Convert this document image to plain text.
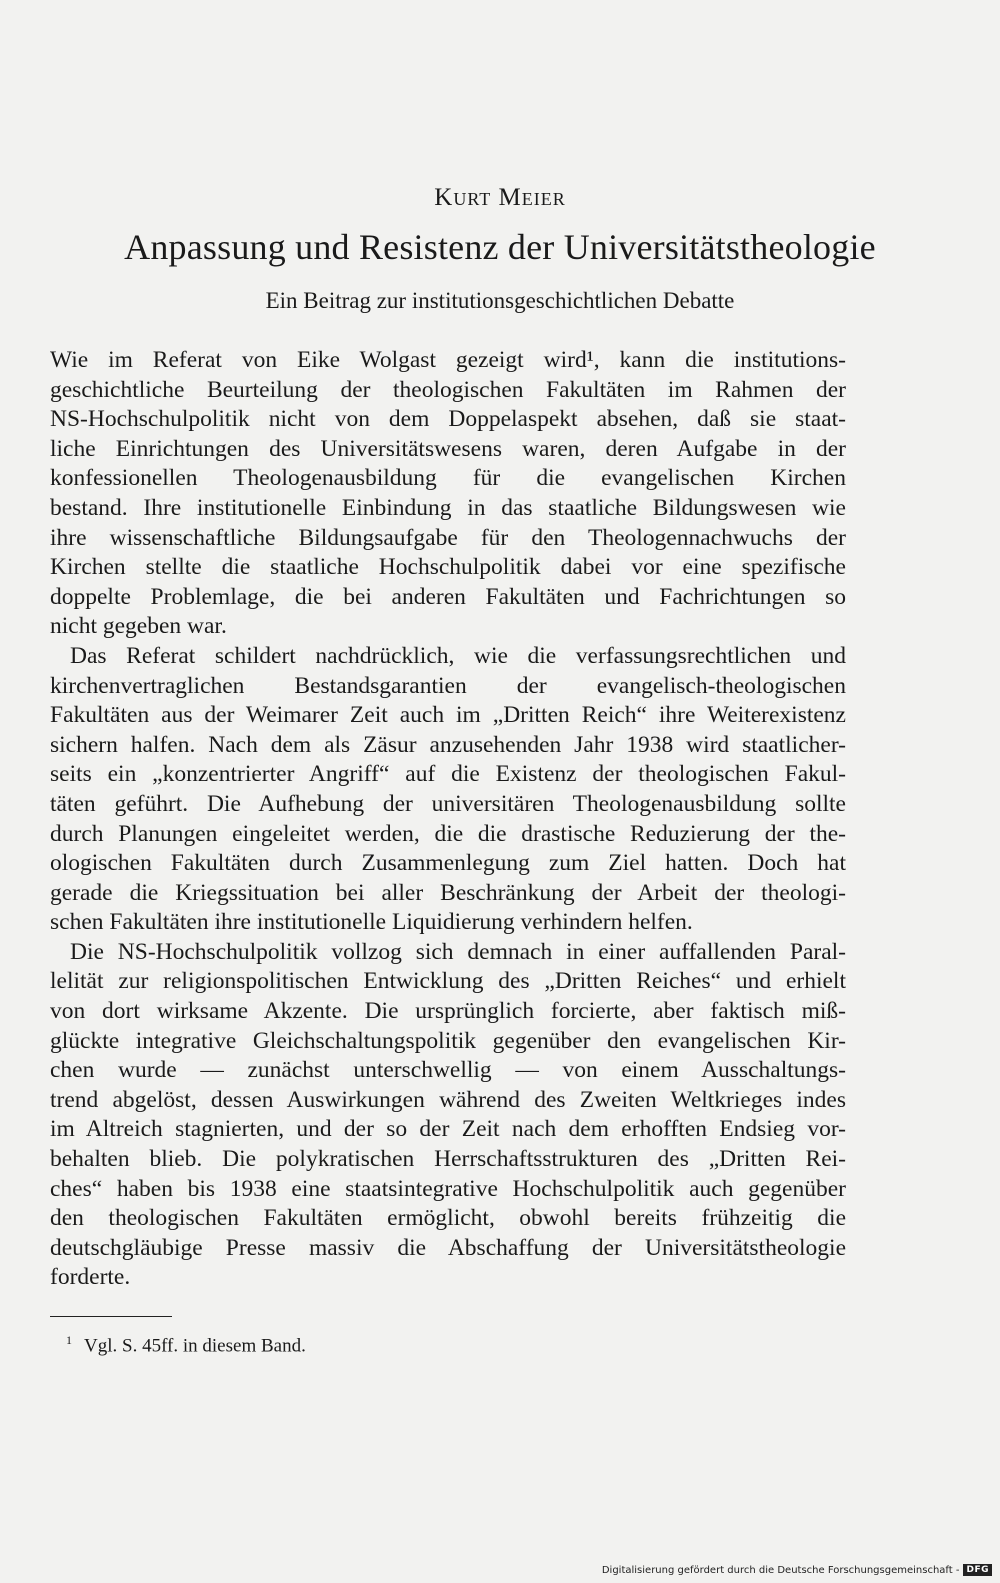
Kurt Meier
Anpassung und Resistenz der Universitätstheologie
Ein Beitrag zur institutionsgeschichtlichen Debatte
Wie im Referat von Eike Wolgast gezeigt wird¹, kann die institutions-
geschichtliche Beurteilung der theologischen Fakultäten im Rahmen der
NS-Hochschulpolitik nicht von dem Doppelaspekt absehen, daß sie staat-
liche Einrichtungen des Universitätswesens waren, deren Aufgabe in der
konfessionellen Theologenausbildung für die evangelischen Kirchen
bestand. Ihre institutionelle Einbindung in das staatliche Bildungswesen wie
ihre wissenschaftliche Bildungsaufgabe für den Theologennachwuchs der
Kirchen stellte die staatliche Hochschulpolitik dabei vor eine spezifische
doppelte Problemlage, die bei anderen Fakultäten und Fachrichtungen so
nicht gegeben war.
Das Referat schildert nachdrücklich, wie die verfassungsrechtlichen und
kirchenvertraglichen Bestandsgarantien der evangelisch-theologischen
Fakultäten aus der Weimarer Zeit auch im „Dritten Reich“ ihre Weiterexistenz
sichern halfen. Nach dem als Zäsur anzusehenden Jahr 1938 wird staatlicher-
seits ein „konzentrierter Angriff“ auf die Existenz der theologischen Fakul-
täten geführt. Die Aufhebung der universitären Theologenausbildung sollte
durch Planungen eingeleitet werden, die die drastische Reduzierung der the-
ologischen Fakultäten durch Zusammenlegung zum Ziel hatten. Doch hat
gerade die Kriegssituation bei aller Beschränkung der Arbeit der theologi-
schen Fakultäten ihre institutionelle Liquidierung verhindern helfen.
Die NS-Hochschulpolitik vollzog sich demnach in einer auffallenden Paral-
lelität zur religionspolitischen Entwicklung des „Dritten Reiches“ und erhielt
von dort wirksame Akzente. Die ursprünglich forcierte, aber faktisch miß-
glückte integrative Gleichschaltungspolitik gegenüber den evangelischen Kir-
chen wurde — zunächst unterschwellig — von einem Ausschaltungs-
trend abgelöst, dessen Auswirkungen während des Zweiten Weltkrieges indes
im Altreich stagnierten, und der so der Zeit nach dem erhofften Endsieg vor-
behalten blieb. Die polykratischen Herrschaftsstrukturen des „Dritten Rei-
ches“ haben bis 1938 eine staatsintegrative Hochschulpolitik auch gegenüber
den theologischen Fakultäten ermöglicht, obwohl bereits frühzeitig die
deutschgläubige Presse massiv die Abschaffung der Universitätstheologie
forderte.
$^1$ Vgl. S. 45ff. in diesem Band.
Digitalisierung gefördert durch die Deutsche Forschungsgemeinschaft - DFG
